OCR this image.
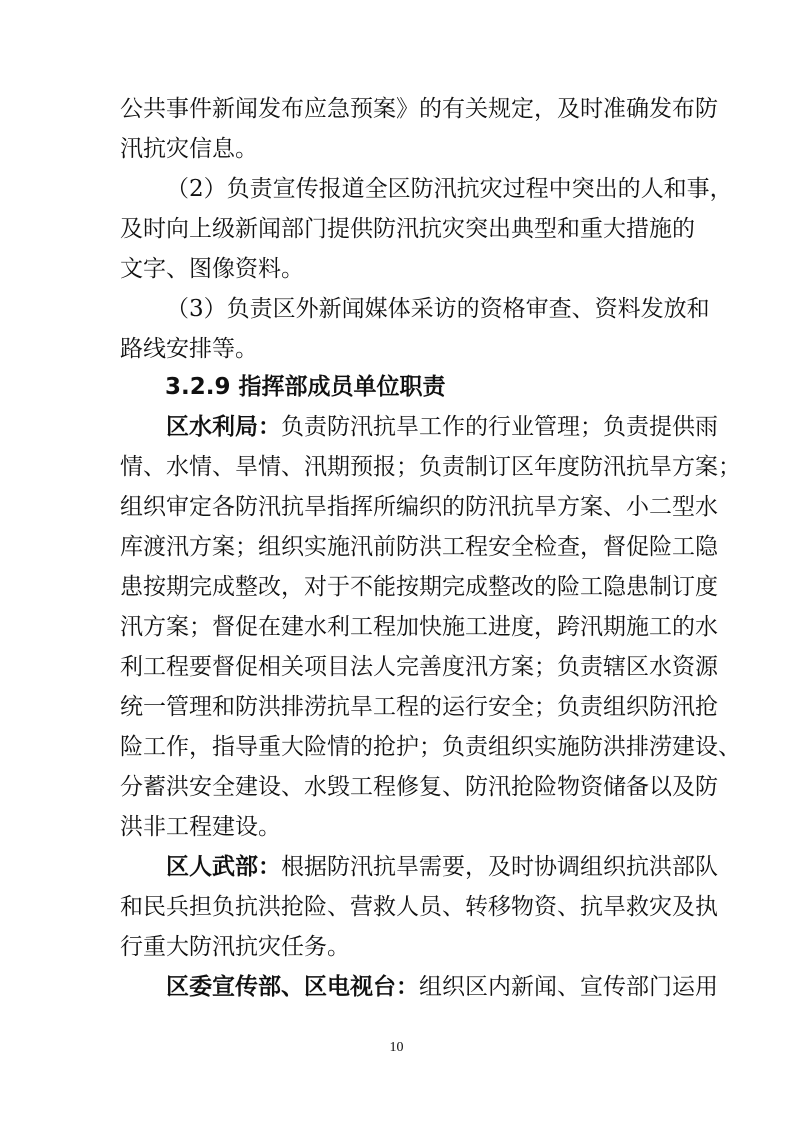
公共事件新闻发布应急预案》的有关规定，及时准确发布防
汛抗灾信息。
（2）负责宣传报道全区防汛抗灾过程中突出的人和事，
及时向上级新闻部门提供防汛抗灾突出典型和重大措施的
文字、图像资料。
（3）负责区外新闻媒体采访的资格审查、资料发放和
路线安排等。
3.2.9 指挥部成员单位职责
区水利局：负责防汛抗旱工作的行业管理；负责提供雨
情、水情、旱情、汛期预报；负责制订区年度防汛抗旱方案；
组织审定各防汛抗旱指挥所编织的防汛抗旱方案、小二型水
库渡汛方案；组织实施汛前防洪工程安全检查，督促险工隐
患按期完成整改，对于不能按期完成整改的险工隐患制订度
汛方案；督促在建水利工程加快施工进度，跨汛期施工的水
利工程要督促相关项目法人完善度汛方案；负责辖区水资源
统一管理和防洪排涝抗旱工程的运行安全；负责组织防汛抢
险工作，指导重大险情的抢护；负责组织实施防洪排涝建设、
分蓄洪安全建设、水毁工程修复、防汛抢险物资储备以及防
洪非工程建设。
区人武部：根据防汛抗旱需要，及时协调组织抗洪部队
和民兵担负抗洪抢险、营救人员、转移物资、抗旱救灾及执
行重大防汛抗灾任务。
区委宣传部、区电视台：组织区内新闻、宣传部门运用
10
